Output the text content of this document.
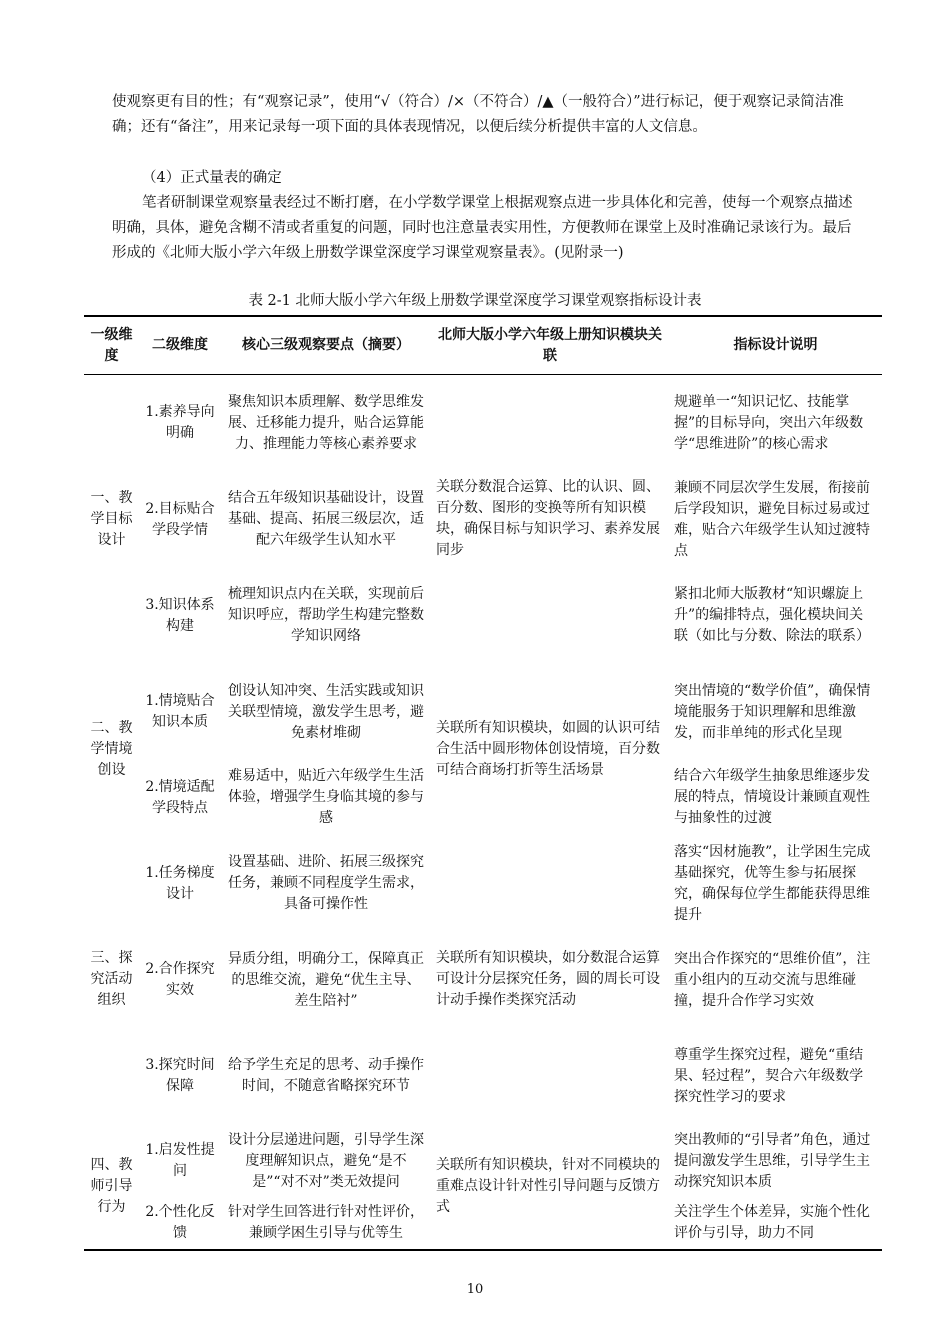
使观察更有目的性；有“观察记录”，使用“√（符合）/×（不符合）/▲（一般符合）”进行标记，便于观察记录简洁准确；还有“备注”，用来记录每一项下面的具体表现情况，以便后续分析提供丰富的人文信息。

（4）正式量表的确定

笔者研制课堂观察量表经过不断打磨，在小学数学课堂上根据观察点进一步具体化和完善，使每一个观察点描述明确，具体，避免含糊不清或者重复的问题，同时也注意量表实用性，方便教师在课堂上及时准确记录该行为。最后形成的《北师大版小学六年级上册数学课堂深度学习课堂观察量表》。(见附录一)

表 2-1 北师大版小学六年级上册数学课堂深度学习课堂观察指标设计表
一级维度	二级维度	核心三级观察要点（摘要）	北师大版小学六年级上册知识模块关联	指标设计说明
一、教学目标设计	1.素养导向明确	聚焦知识本质理解、数学思维发展、迁移能力提升，贴合运算能力、推理能力等核心素养要求	关联分数混合运算、比的认识、圆、百分数、图形的变换等所有知识模块，确保目标与知识学习、素养发展同步	规避单一“知识记忆、技能掌握”的目标导向，突出六年级数学“思维进阶”的核心需求
	2.目标贴合学段学情	结合五年级知识基础设计，设置基础、提高、拓展三级层次，适配六年级学生认知水平		兼顾不同层次学生发展，衔接前后学段知识，避免目标过易或过难，贴合六年级学生认知过渡特点
	3.知识体系构建	梳理知识点内在关联，实现前后知识呼应，帮助学生构建完整数学知识网络		紧扣北师大版教材“知识螺旋上升”的编排特点，强化模块间关联（如比与分数、除法的联系）
二、教学情境创设	1.情境贴合知识本质	创设认知冲突、生活实践或知识关联型情境，激发学生思考，避免素材堆砌	关联所有知识模块，如圆的认识可结合生活中圆形物体创设情境，百分数可结合商场打折等生活场景	突出情境的“数学价值”，确保情境能服务于知识理解和思维激发，而非单纯的形式化呈现
	2.情境适配学段特点	难易适中，贴近六年级学生生活体验，增强学生身临其境的参与感		结合六年级学生抽象思维逐步发展的特点，情境设计兼顾直观性与抽象性的过渡
三、探究活动组织	1.任务梯度设计	设置基础、进阶、拓展三级探究任务，兼顾不同程度学生需求，具备可操作性	关联所有知识模块，如分数混合运算可设计分层探究任务，圆的周长可设计动手操作类探究活动	落实“因材施教”，让学困生完成基础探究，优等生参与拓展探究，确保每位学生都能获得思维提升
	2.合作探究实效	异质分组，明确分工，保障真正的思维交流，避免“优生主导、差生陪衬”		突出合作探究的“思维价值”，注重小组内的互动交流与思维碰撞，提升合作学习实效
	3.探究时间保障	给予学生充足的思考、动手操作时间，不随意省略探究环节		尊重学生探究过程，避免“重结果、轻过程”，契合六年级数学探究性学习的要求
四、教师引导行为	1.启发性提问	设计分层递进问题，引导学生深度理解知识点，避免“是不是”“对不对”类无效提问	关联所有知识模块，针对不同模块的重难点设计针对性引导问题与反馈方式	突出教师的“引导者”角色，通过提问激发学生思维，引导学生主动探究知识本质
	2.个性化反馈	针对学生回答进行针对性评价，兼顾学困生引导与优等生		关注学生个体差异，实施个性化评价与引导，助力不同
10
